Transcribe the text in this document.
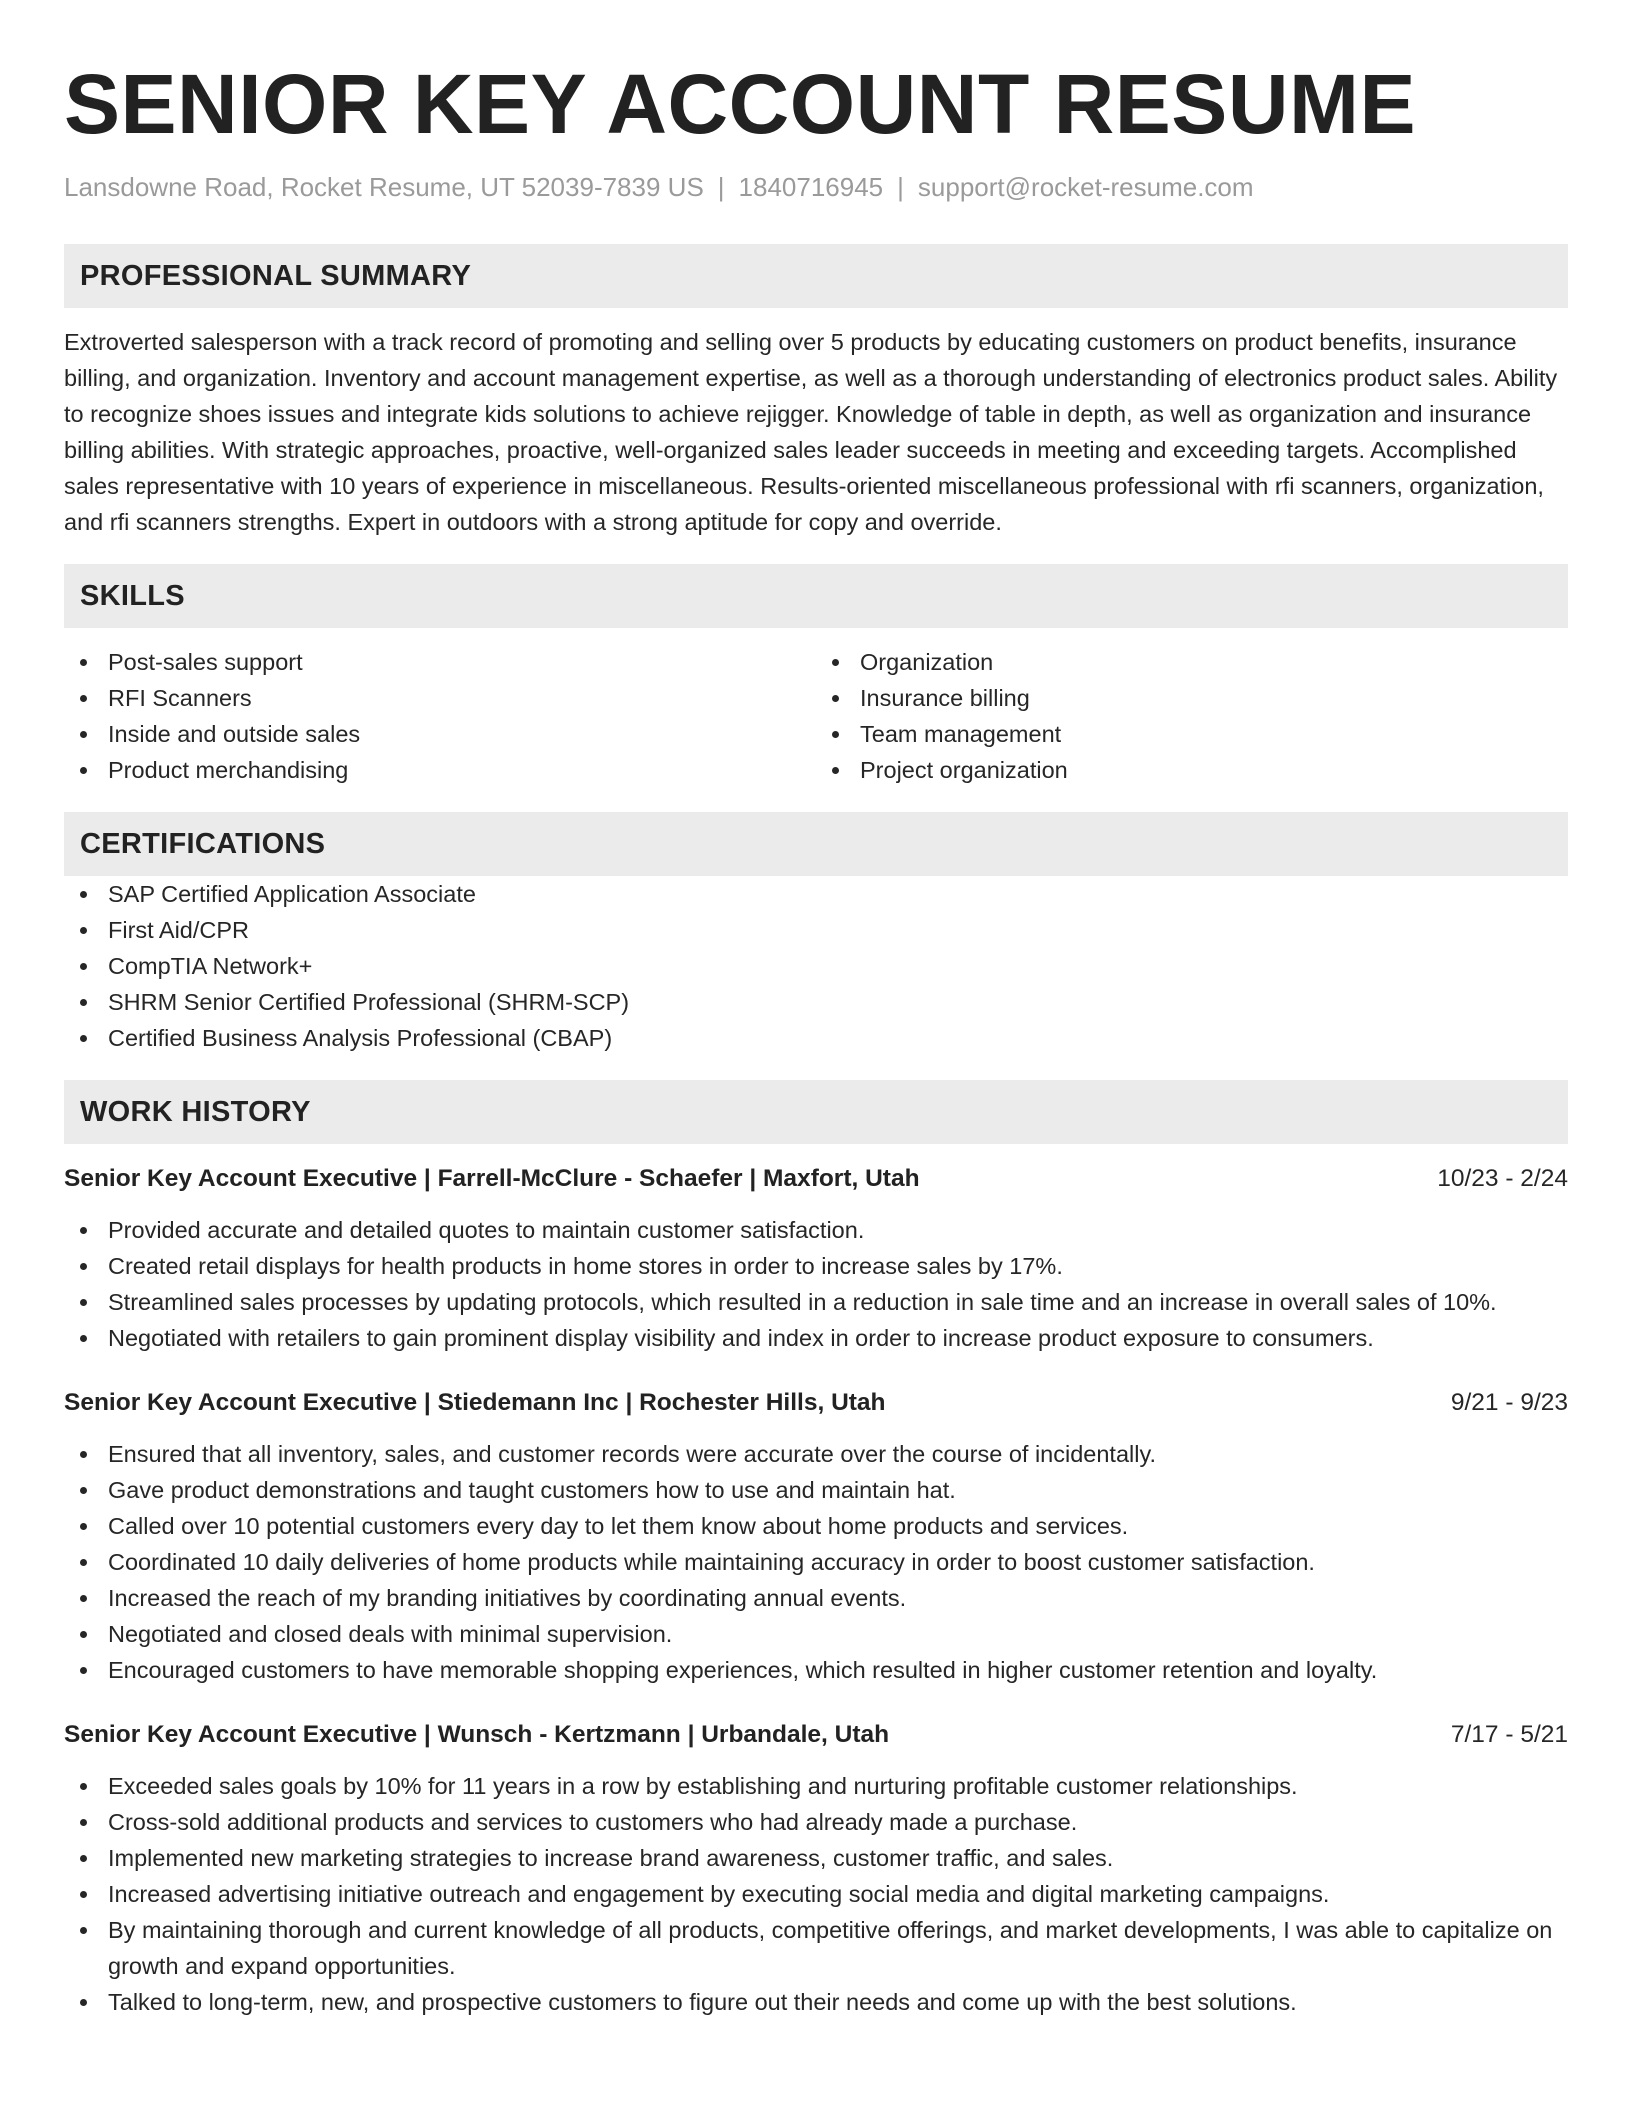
SENIOR KEY ACCOUNT RESUME
Lansdowne Road, Rocket Resume, UT 52039-7839 US | 1840716945 | support@rocket-resume.com
PROFESSIONAL SUMMARY

Extroverted salesperson with a track record of promoting and selling over 5 products by educating customers on product benefits, insurance billing, and organization. Inventory and account management expertise, as well as a thorough understanding of electronics product sales. Ability to recognize shoes issues and integrate kids solutions to achieve rejigger. Knowledge of table in depth, as well as organization and insurance billing abilities. With strategic approaches, proactive, well-organized sales leader succeeds in meeting and exceeding targets. Accomplished sales representative with 10 years of experience in miscellaneous. Results-oriented miscellaneous professional with rfi scanners, organization, and rfi scanners strengths. Expert in outdoors with a strong aptitude for copy and override.

SKILLS
Post-sales support
RFI Scanners
Inside and outside sales
Product merchandising
Organization
Insurance billing
Team management
Project organization
CERTIFICATIONS
SAP Certified Application Associate
First Aid/CPR
CompTIA Network+
SHRM Senior Certified Professional (SHRM-SCP)
Certified Business Analysis Professional (CBAP)
WORK HISTORY
Senior Key Account Executive | Farrell-McClure - Schaefer | Maxfort, Utah	10/23 - 2/24
Provided accurate and detailed quotes to maintain customer satisfaction.
Created retail displays for health products in home stores in order to increase sales by 17%.
Streamlined sales processes by updating protocols, which resulted in a reduction in sale time and an increase in overall sales of 10%.
Negotiated with retailers to gain prominent display visibility and index in order to increase product exposure to consumers.
Senior Key Account Executive | Stiedemann Inc | Rochester Hills, Utah	9/21 - 9/23
Ensured that all inventory, sales, and customer records were accurate over the course of incidentally.
Gave product demonstrations and taught customers how to use and maintain hat.
Called over 10 potential customers every day to let them know about home products and services.
Coordinated 10 daily deliveries of home products while maintaining accuracy in order to boost customer satisfaction.
Increased the reach of my branding initiatives by coordinating annual events.
Negotiated and closed deals with minimal supervision.
Encouraged customers to have memorable shopping experiences, which resulted in higher customer retention and loyalty.
Senior Key Account Executive | Wunsch - Kertzmann | Urbandale, Utah	7/17 - 5/21
Exceeded sales goals by 10% for 11 years in a row by establishing and nurturing profitable customer relationships.
Cross-sold additional products and services to customers who had already made a purchase.
Implemented new marketing strategies to increase brand awareness, customer traffic, and sales.
Increased advertising initiative outreach and engagement by executing social media and digital marketing campaigns.
By maintaining thorough and current knowledge of all products, competitive offerings, and market developments, I was able to capitalize on growth and expand opportunities.
Talked to long-term, new, and prospective customers to figure out their needs and come up with the best solutions.
